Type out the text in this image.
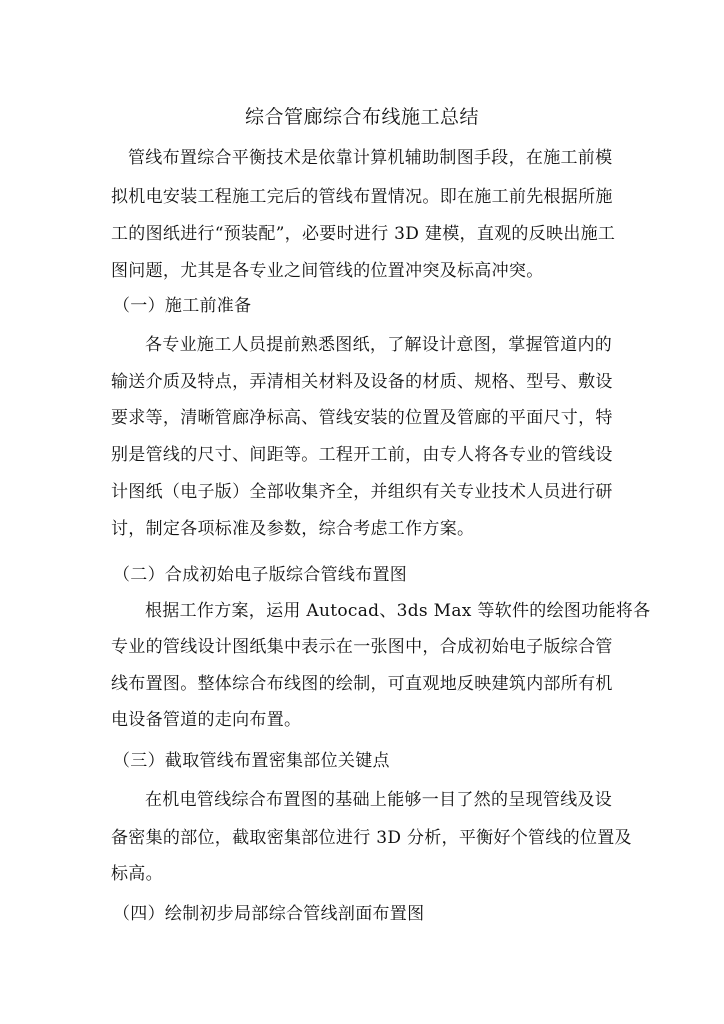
综合管廊综合布线施工总结
管线布置综合平衡技术是依靠计算机辅助制图手段，在施工前模
拟机电安装工程施工完后的管线布置情况。即在施工前先根据所施
工的图纸进行“预装配”，必要时进行 3D 建模，直观的反映出施工
图问题，尤其是各专业之间管线的位置冲突及标高冲突。
（一）施工前准备
各专业施工人员提前熟悉图纸，了解设计意图，掌握管道内的
输送介质及特点，弄清相关材料及设备的材质、规格、型号、敷设
要求等，清晰管廊净标高、管线安装的位置及管廊的平面尺寸，特
别是管线的尺寸、间距等。工程开工前，由专人将各专业的管线设
计图纸（电子版）全部收集齐全，并组织有关专业技术人员进行研
讨，制定各项标准及参数，综合考虑工作方案。
（二）合成初始电子版综合管线布置图
根据工作方案，运用 Autocad、3ds Max 等软件的绘图功能将各
专业的管线设计图纸集中表示在一张图中，合成初始电子版综合管
线布置图。整体综合布线图的绘制，可直观地反映建筑内部所有机
电设备管道的走向布置。
（三）截取管线布置密集部位关键点
在机电管线综合布置图的基础上能够一目了然的呈现管线及设
备密集的部位，截取密集部位进行 3D 分析，平衡好个管线的位置及
标高。
（四）绘制初步局部综合管线剖面布置图
